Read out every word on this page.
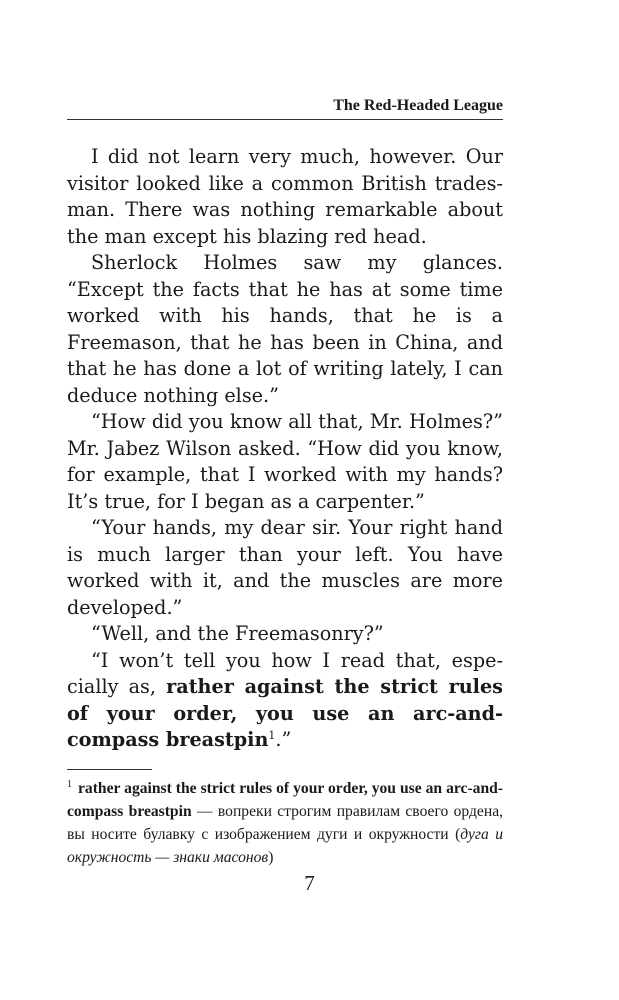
The Red-Headed League

I did not learn very much, however. Our visitor looked like a common British tradesman. There was nothing remarkable about the man except his blazing red head.

Sherlock Holmes saw my glances. “Except the facts that he has at some time worked with his hands, that he is a Freemason, that he has been in China, and that he has done a lot of writing lately, I can deduce nothing else.”

“How did you know all that, Mr. Holmes?” Mr. Jabez Wilson asked. “How did you know, for example, that I worked with my hands? It’s true, for I began as a carpenter.”

“Your hands, my dear sir. Your right hand is much larger than your left. You have worked with it, and the muscles are more developed.”

“Well, and the Freemasonry?”

“I won’t tell you how I read that, especially as, rather against the strict rules of your order, you use an arc-and-compass breastpin$^1$.”

$^1$ rather against the strict rules of your order, you use an arc-and-compass breastpin — вопреки строгим правилам своего ордена, вы носите булавку с изображением дуги и окружности (дуга и окружность — знаки масонов)
7
